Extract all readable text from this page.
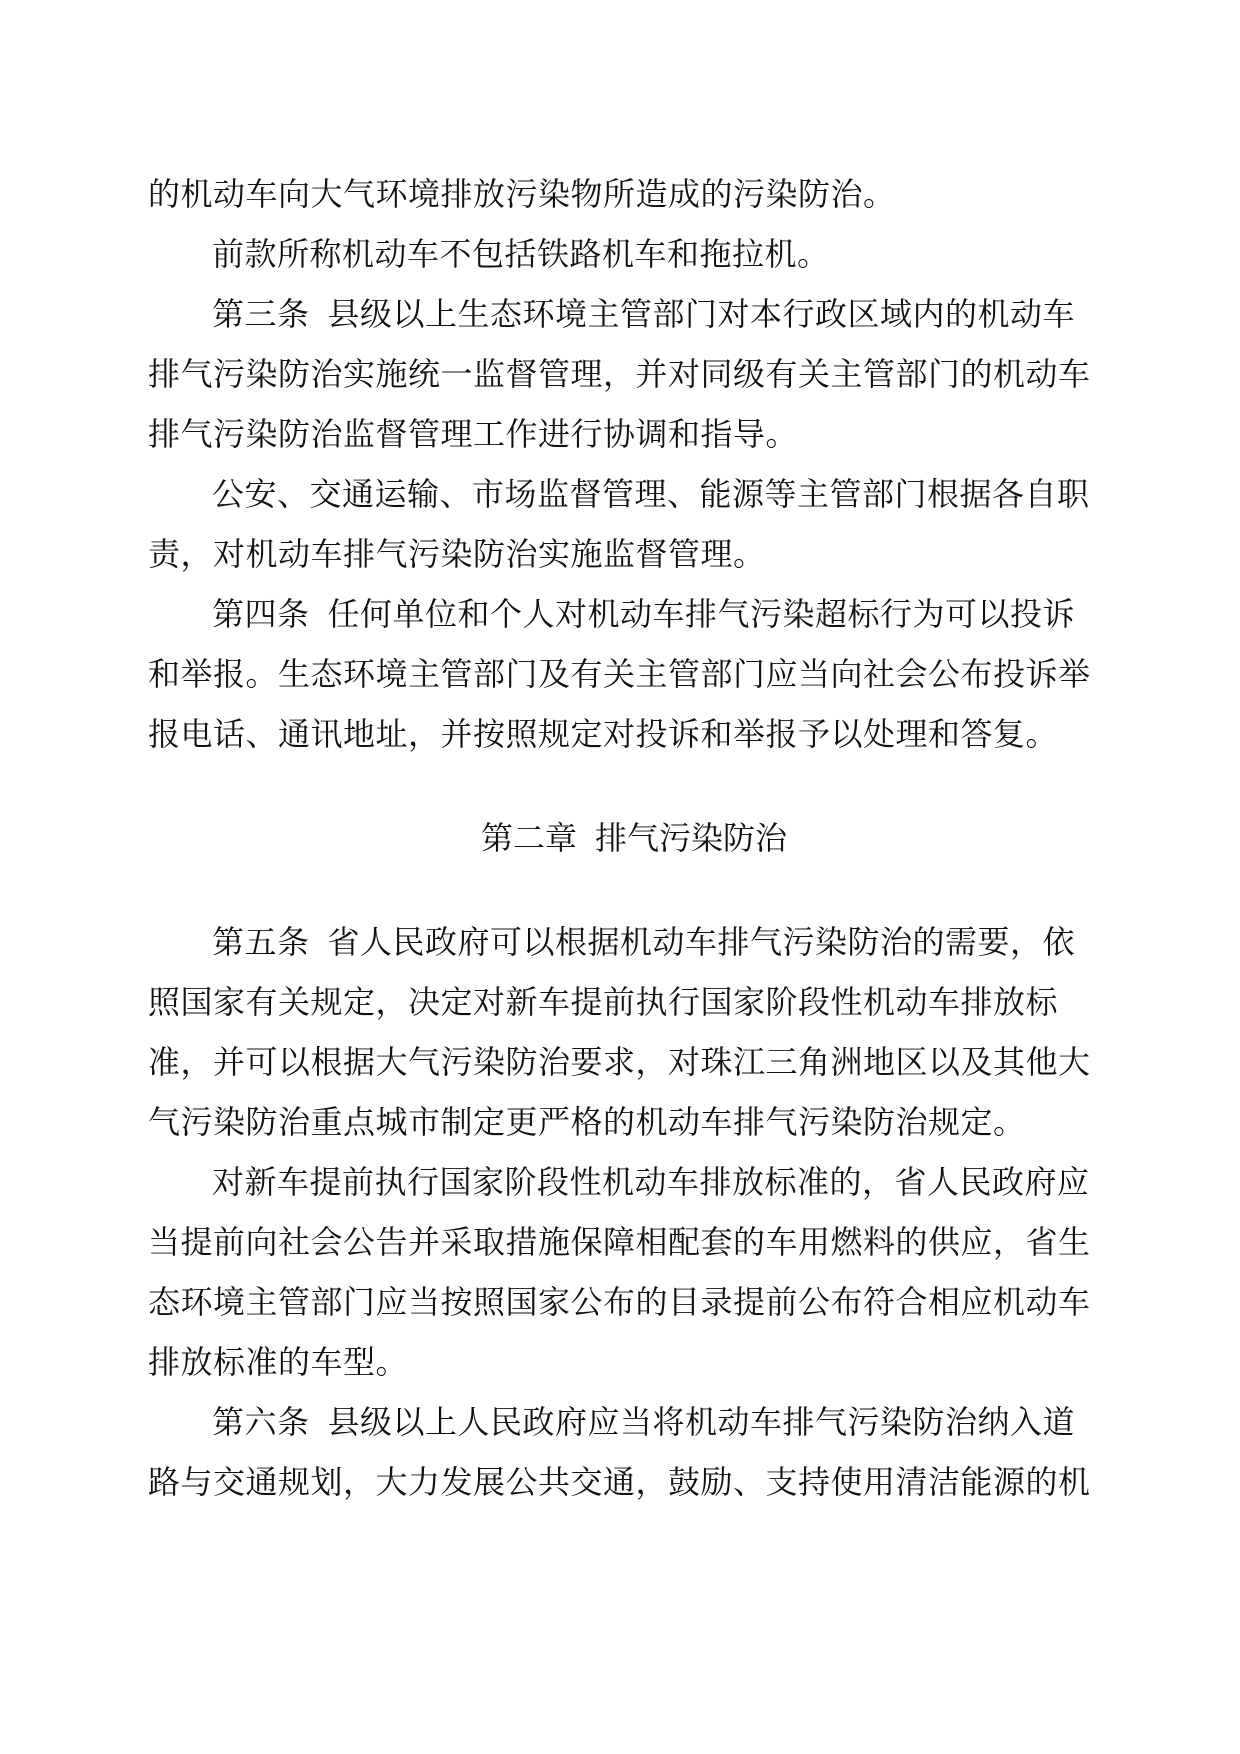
的机动车向大气环境排放污染物所造成的污染防治。
前款所称机动车不包括铁路机车和拖拉机。
第三条 县级以上生态环境主管部门对本行政区域内的机动车
排气污染防治实施统一监督管理，并对同级有关主管部门的机动车
排气污染防治监督管理工作进行协调和指导。
公安、交通运输、市场监督管理、能源等主管部门根据各自职
责，对机动车排气污染防治实施监督管理。
第四条 任何单位和个人对机动车排气污染超标行为可以投诉
和举报。生态环境主管部门及有关主管部门应当向社会公布投诉举
报电话、通讯地址，并按照规定对投诉和举报予以处理和答复。
第二章 排气污染防治
第五条 省人民政府可以根据机动车排气污染防治的需要，依
照国家有关规定，决定对新车提前执行国家阶段性机动车排放标
准，并可以根据大气污染防治要求，对珠江三角洲地区以及其他大
气污染防治重点城市制定更严格的机动车排气污染防治规定。
对新车提前执行国家阶段性机动车排放标准的，省人民政府应
当提前向社会公告并采取措施保障相配套的车用燃料的供应，省生
态环境主管部门应当按照国家公布的目录提前公布符合相应机动车
排放标准的车型。
第六条 县级以上人民政府应当将机动车排气污染防治纳入道
路与交通规划，大力发展公共交通，鼓励、支持使用清洁能源的机
